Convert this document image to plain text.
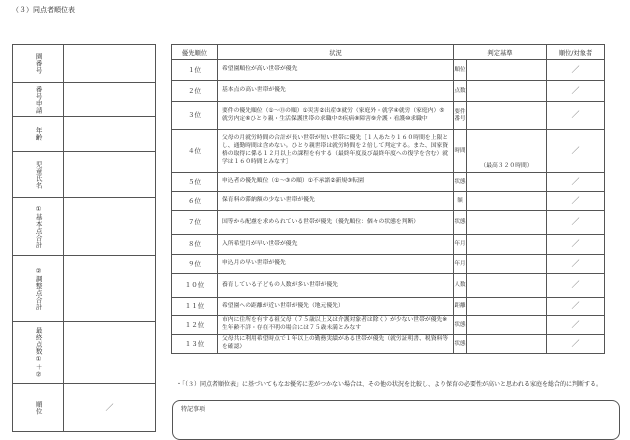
（３）同点者順位表
園番号	

番号申請	

年齢	

児童氏名	

①基本点合計	

②調整点合計	

最終点数①＋②	

順位	／
優先順位	状況	判定基準		順位/対象者
１位	希望園順位が高い世帯が優先	順位		／
２位	基本点の高い世帯が優先	点数		／
３位	要件の優先順位（①～⑪の順）①災害②出産③就労（家庭外・就学④就労（家庭内）⑤就労内定⑥ひとり親・生活保護世帯の求職中⑦疾病⑧障害⑨介護・看護⑩求職中	要件番号		／
４位	父母の月就労時間の合計が長い世帯が短い世帯に優先［１人あたり１６０時間を上限とし、通勤時間は含めない。ひとり親世帯は就労時間を２倍して判定する。また、国家資格の取得に係る１２月以上の課程を有する（最終年度及び最終年度への復学を含む）就学は１６０時間とみなす］	時間	（最高３２０時間）	／
５位	申込者の優先順位（①～③の順）①不承諾②新規③転園	状態		／
６位	保育料の滞納額の少ない世帯が優先	額		／
７位	国等から配慮を求められている世帯が優先（優先順位：個々の状態を判断）	状態		／
８位	入所希望月が早い世帯が優先	年月		／
９位	申込月の早い世帯が優先	年月		／
１０位	養育している子どもの人数が多い世帯が優先	人数		／
１１位	希望園への距離が近い世帯が優先（地元優先）	距離		／
１２位	市内に住所を有する祖父母（７５歳以上又は介護対象者は除く）が少ない世帯が優先※生年齢不詳・存在不明の場合には７５歳未満とみなす	状態		／
１３位	父母共に利用希望時点で１年以上の勤務実績がある世帯が優先（就労証明書、税資料等を確認）	状態		／
・「（３）同点者順位表」に基づいてもなお優劣に差がつかない場合は、その他の状況を比較し、より保育の必要性が高いと思われる家庭を総合的に判断する。
特記事項
